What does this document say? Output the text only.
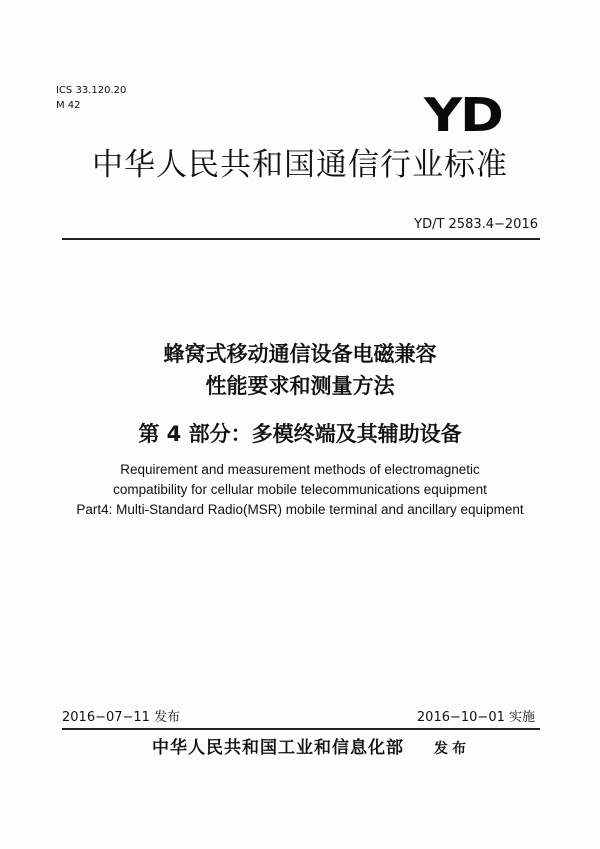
ICS 33.120.20
M 42	YD
中华人民共和国通信行业标准
YD/T 2583.4−2016
蜂窝式移动通信设备电磁兼容
性能要求和测量方法
第 4 部分：多模终端及其辅助设备
Requirement and measurement methods of electromagnetic
compatibility for cellular mobile telecommunications equipment
Part4: Multi-Standard Radio(MSR) mobile terminal and ancillary equipment
2016−07−11 发布	2016−10−01 实施
中华人民共和国工业和信息化部 发布
